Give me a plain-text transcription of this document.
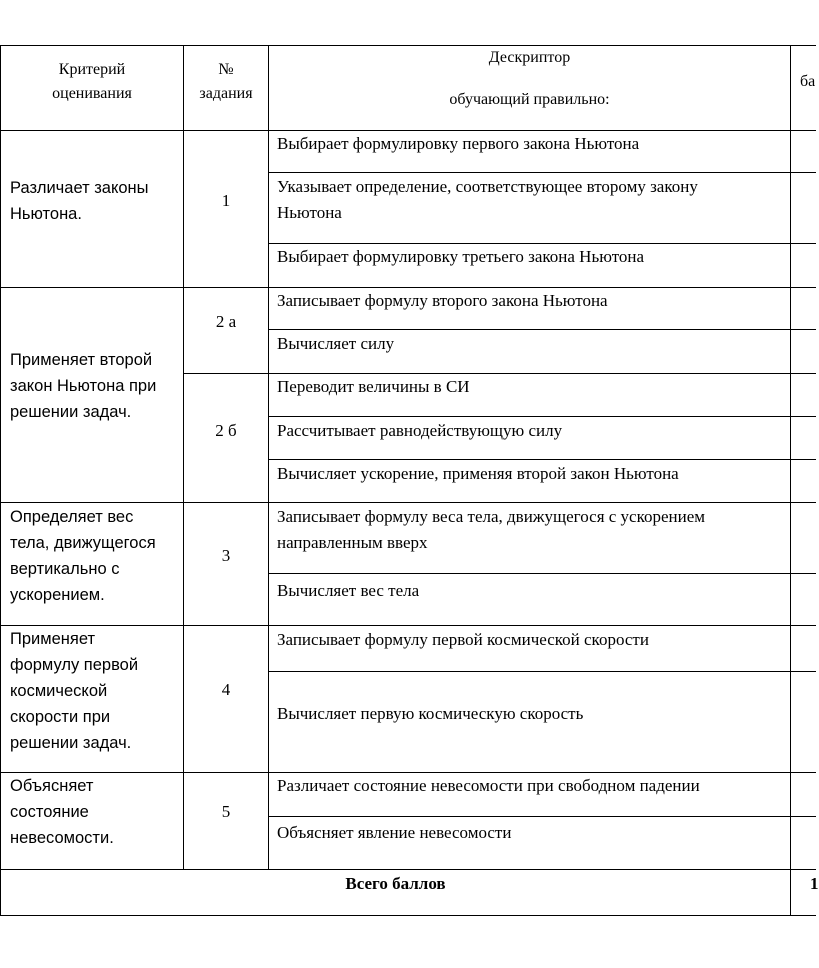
Критерий
оценивания
№
задания
Дескриптор
обучающий правильно:
ба
Различает законы
Ньютона.
1
Выбирает формулировку первого закона Ньютона
Указывает определение, соответствующее второму закону
Ньютона
Выбирает формулировку третьего закона Ньютона
Применяет второй
закон Ньютона при
решении задач.
2 а
2 б
Записывает формулу второго закона Ньютона
Вычисляет силу
Переводит величины в СИ
Рассчитывает равнодействующую силу
Вычисляет ускорение, применяя второй закон Ньютона
Определяет вес
тела, движущегося
вертикально с
ускорением.
3
Записывает формулу веса тела, движущегося с ускорением
направленным вверх
Вычисляет вес тела
Применяет
формулу первой
космической
скорости при
решении задач.
4
Записывает формулу первой космической скорости
Вычисляет первую космическую скорость
Объясняет
состояние
невесомости.
5
Различает состояние невесомости при свободном падении
Объясняет явление невесомости
Всего баллов	1
